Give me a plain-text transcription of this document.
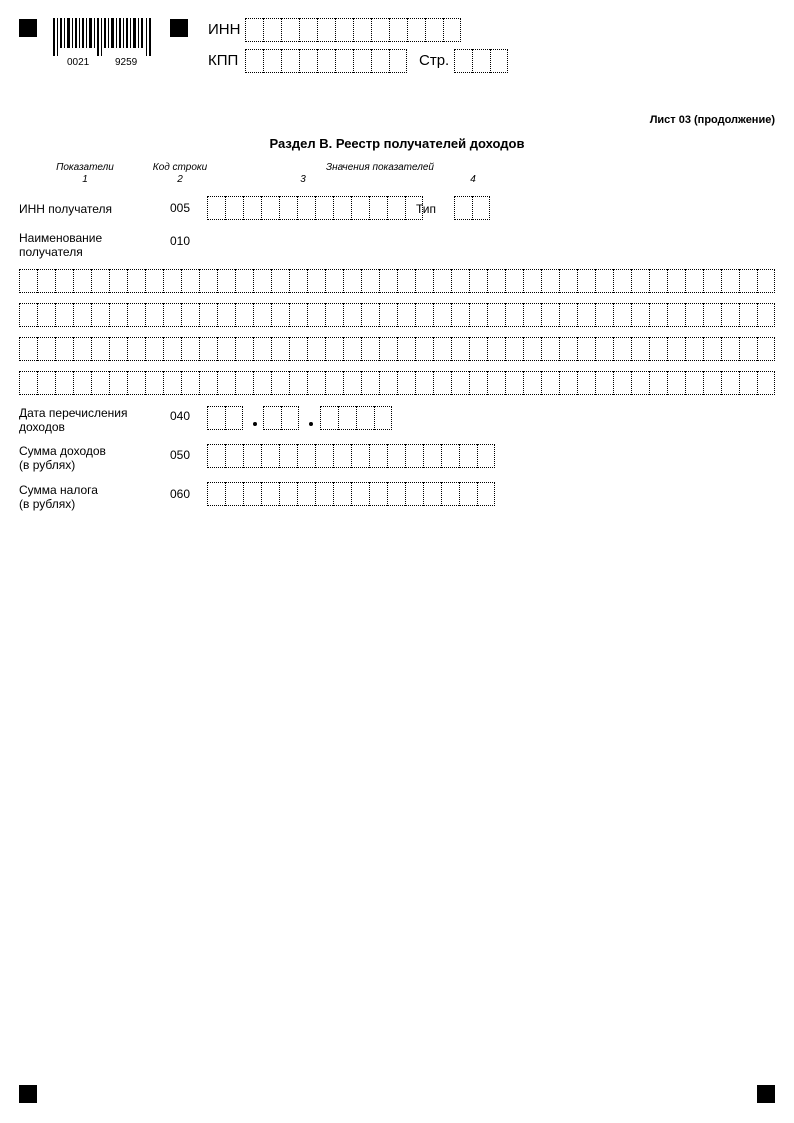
0021	9259
ИНН
КПП	Стр.
Лист 03 (продолжение)
Раздел В. Реестр получателей доходов
Показатели
1
Код строки
2
Значения показателей
3	4
ИНН получателя	005	Тип
Наименование
получателя
010
Дата перечисления
доходов
040
Сумма доходов
(в рублях)
050
Сумма налога
(в рублях)
060
